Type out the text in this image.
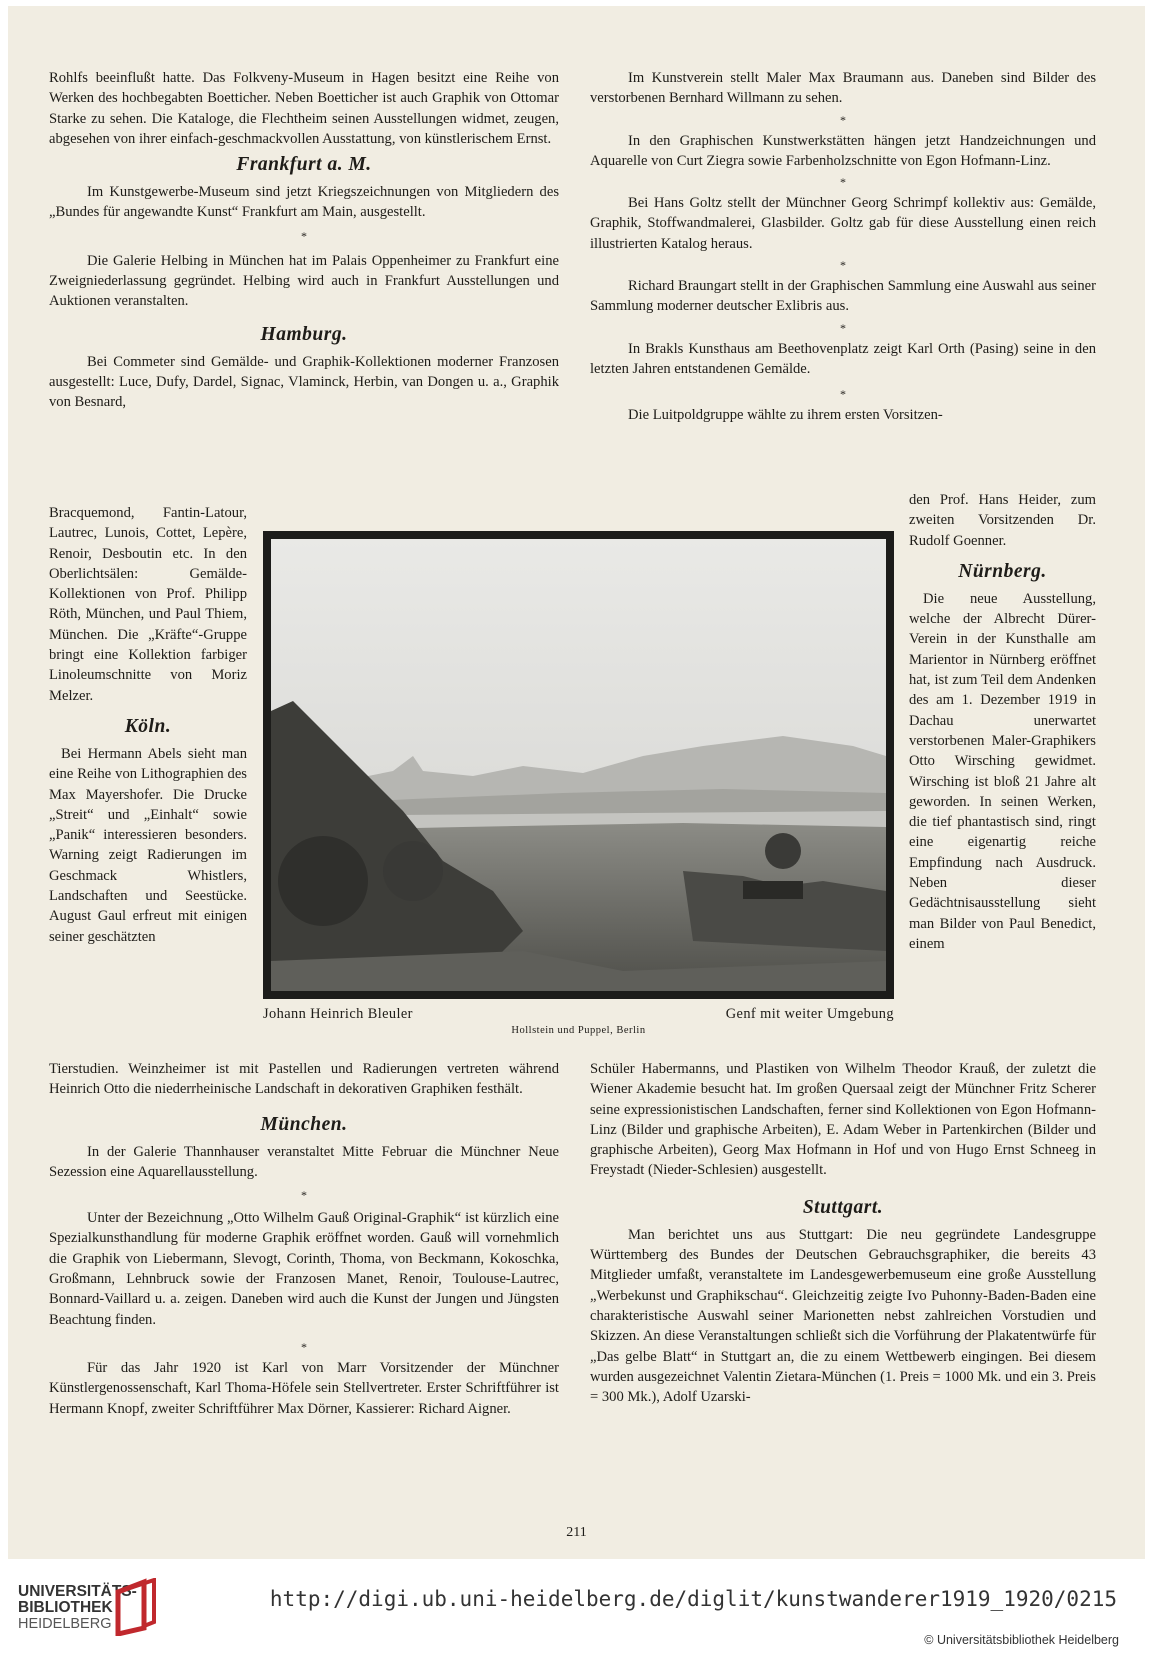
Rohlfs beeinflußt hatte. Das Folkveny-Museum in Hagen besitzt eine Reihe von Werken des hochbegabten Boetticher. Neben Boetticher ist auch Graphik von Ottomar Starke zu sehen. Die Kataloge, die Flechtheim seinen Ausstellungen widmet, zeugen, abgesehen von ihrer einfach-geschmackvollen Ausstattung, von künstlerischem Ernst.

Frankfurt a. M.

Im Kunstgewerbe-Museum sind jetzt Kriegszeichnungen von Mitgliedern des „Bundes für angewandte Kunst“ Frankfurt am Main, ausgestellt.

*

Die Galerie Helbing in München hat im Palais Oppenheimer zu Frankfurt eine Zweigniederlassung gegründet. Helbing wird auch in Frankfurt Ausstellungen und Auktionen veranstalten.

Hamburg.

Bei Commeter sind Gemälde- und Graphik-Kollektionen moderner Franzosen ausgestellt: Luce, Dufy, Dardel, Signac, Vlaminck, Herbin, van Dongen u. a., Graphik von Besnard,

Bracquemond, Fantin-Latour, Lautrec, Lunois, Cottet, Lepère, Renoir, Desboutin etc. In den Oberlichtsälen: Gemälde-Kollektionen von Prof. Philipp Röth, München, und Paul Thiem, München. Die „Kräfte“-Gruppe bringt eine Kollektion farbiger Linoleumschnitte von Moriz Melzer.

Köln.

Bei Hermann Abels sieht man eine Reihe von Lithographien des Max Mayershofer. Die Drucke „Streit“ und „Einhalt“ sowie „Panik“ interessieren besonders. Warning zeigt Radierungen im Geschmack Whistlers, Landschaften und Seestücke. August Gaul erfreut mit einigen seiner geschätzten

Johann Heinrich Bleuler	Genf mit weiter Umgebung
Hollstein und Puppel, Berlin

Im Kunstverein stellt Maler Max Braumann aus. Daneben sind Bilder des verstorbenen Bernhard Willmann zu sehen.

*

In den Graphischen Kunstwerkstätten hängen jetzt Handzeichnungen und Aquarelle von Curt Ziegra sowie Farbenholzschnitte von Egon Hofmann-Linz.

*

Bei Hans Goltz stellt der Münchner Georg Schrimpf kollektiv aus: Gemälde, Graphik, Stoffwandmalerei, Glasbilder. Goltz gab für diese Ausstellung einen reich illustrierten Katalog heraus.

*

Richard Braungart stellt in der Graphischen Sammlung eine Auswahl aus seiner Sammlung moderner deutscher Exlibris aus.

*

In Brakls Kunsthaus am Beethovenplatz zeigt Karl Orth (Pasing) seine in den letzten Jahren entstandenen Gemälde.

*

Die Luitpoldgruppe wählte zu ihrem ersten Vorsitzen-

den Prof. Hans Heider, zum zweiten Vorsitzenden Dr. Rudolf Goenner.

Nürnberg.

Die neue Ausstellung, welche der Albrecht Dürer-Verein in der Kunsthalle am Marientor in Nürnberg eröffnet hat, ist zum Teil dem Andenken des am 1. Dezember 1919 in Dachau unerwartet verstorbenen Maler-Graphikers Otto Wirsching gewidmet. Wirsching ist bloß 21 Jahre alt geworden. In seinen Werken, die tief phantastisch sind, ringt eine eigenartig reiche Empfindung nach Ausdruck. Neben dieser Gedächtnisausstellung sieht man Bilder von Paul Benedict, einem

Tierstudien. Weinzheimer ist mit Pastellen und Radierungen vertreten während Heinrich Otto die niederrheinische Landschaft in dekorativen Graphiken festhält.

München.

In der Galerie Thannhauser veranstaltet Mitte Februar die Münchner Neue Sezession eine Aquarellausstellung.

*

Unter der Bezeichnung „Otto Wilhelm Gauß Original-Graphik“ ist kürzlich eine Spezialkunsthandlung für moderne Graphik eröffnet worden. Gauß will vornehmlich die Graphik von Liebermann, Slevogt, Corinth, Thoma, von Beckmann, Kokoschka, Großmann, Lehnbruck sowie der Franzosen Manet, Renoir, Toulouse-Lautrec, Bonnard-Vaillard u. a. zeigen. Daneben wird auch die Kunst der Jungen und Jüngsten Beachtung finden.

*

Für das Jahr 1920 ist Karl von Marr Vorsitzender der Münchner Künstlergenossenschaft, Karl Thoma-Höfele sein Stellvertreter. Erster Schriftführer ist Hermann Knopf, zweiter Schriftführer Max Dörner, Kassierer: Richard Aigner.

Schüler Habermanns, und Plastiken von Wilhelm Theodor Krauß, der zuletzt die Wiener Akademie besucht hat. Im großen Quersaal zeigt der Münchner Fritz Scherer seine expressionistischen Landschaften, ferner sind Kollektionen von Egon Hofmann-Linz (Bilder und graphische Arbeiten), E. Adam Weber in Partenkirchen (Bilder und graphische Arbeiten), Georg Max Hofmann in Hof und von Hugo Ernst Schneeg in Freystadt (Nieder-Schlesien) ausgestellt.

Stuttgart.

Man berichtet uns aus Stuttgart: Die neu gegründete Landesgruppe Württemberg des Bundes der Deutschen Gebrauchsgraphiker, die bereits 43 Mitglieder umfaßt, veranstaltete im Landesgewerbemuseum eine große Ausstellung „Werbekunst und Graphikschau“. Gleichzeitig zeigte Ivo Puhonny-Baden-Baden eine charakteristische Auswahl seiner Marionetten nebst zahlreichen Vorstudien und Skizzen. An diese Veranstaltungen schließt sich die Vorführung der Plakatentwürfe für „Das gelbe Blatt“ in Stuttgart an, die zu einem Wettbewerb eingingen. Bei diesem wurden ausgezeichnet Valentin Zietara-München (1. Preis = 1000 Mk. und ein 3. Preis = 300 Mk.), Adolf Uzarski-

211
UNIVERSITÄTS-
BIBLIOTHEK
HEIDELBERG
http://digi.ub.uni-heidelberg.de/diglit/kunstwanderer1919_1920/0215
© Universitätsbibliothek Heidelberg
